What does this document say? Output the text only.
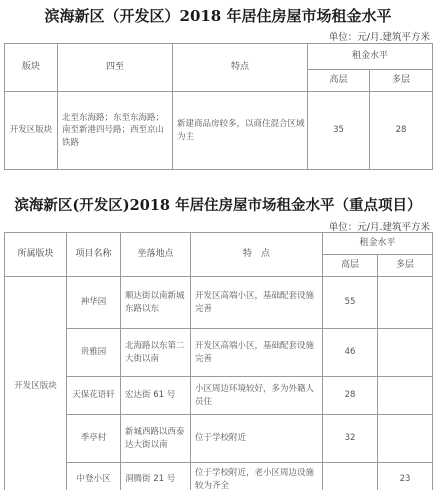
滨海新区（开发区）2018 年居住房屋市场租金水平
单位：元/月.建筑平方米
版块	四至	特点	租金水平	
			高层	多层
开发区版块	北至东海路；东至东海路；南至新港四号路；西至京山铁路	新建商品房较多，以商住混合区域为主	35	28
滨海新区(开发区)2018 年居住房屋市场租金水平（重点项目）
单位：元/月.建筑平方米
所属版块	项目名称	坐落地点	特　点	租金水平	
				高层	多层
开发区版块	神华园	顺达街以南新城东路以东	开发区高端小区，基础配套设施完善	55	
	贵雅园	北海路以东第二大街以南	开发区高端小区，基础配套设施完善	46	
	天保花语轩	宏达街 61 号	小区周边环境较好，多为外籍人员住	28	
	季亭村	新城西路以西泰达大街以南	位于学校附近	32	
	中登小区	洞腾街 21 号	位于学校附近，老小区周边设施较为齐全		23
